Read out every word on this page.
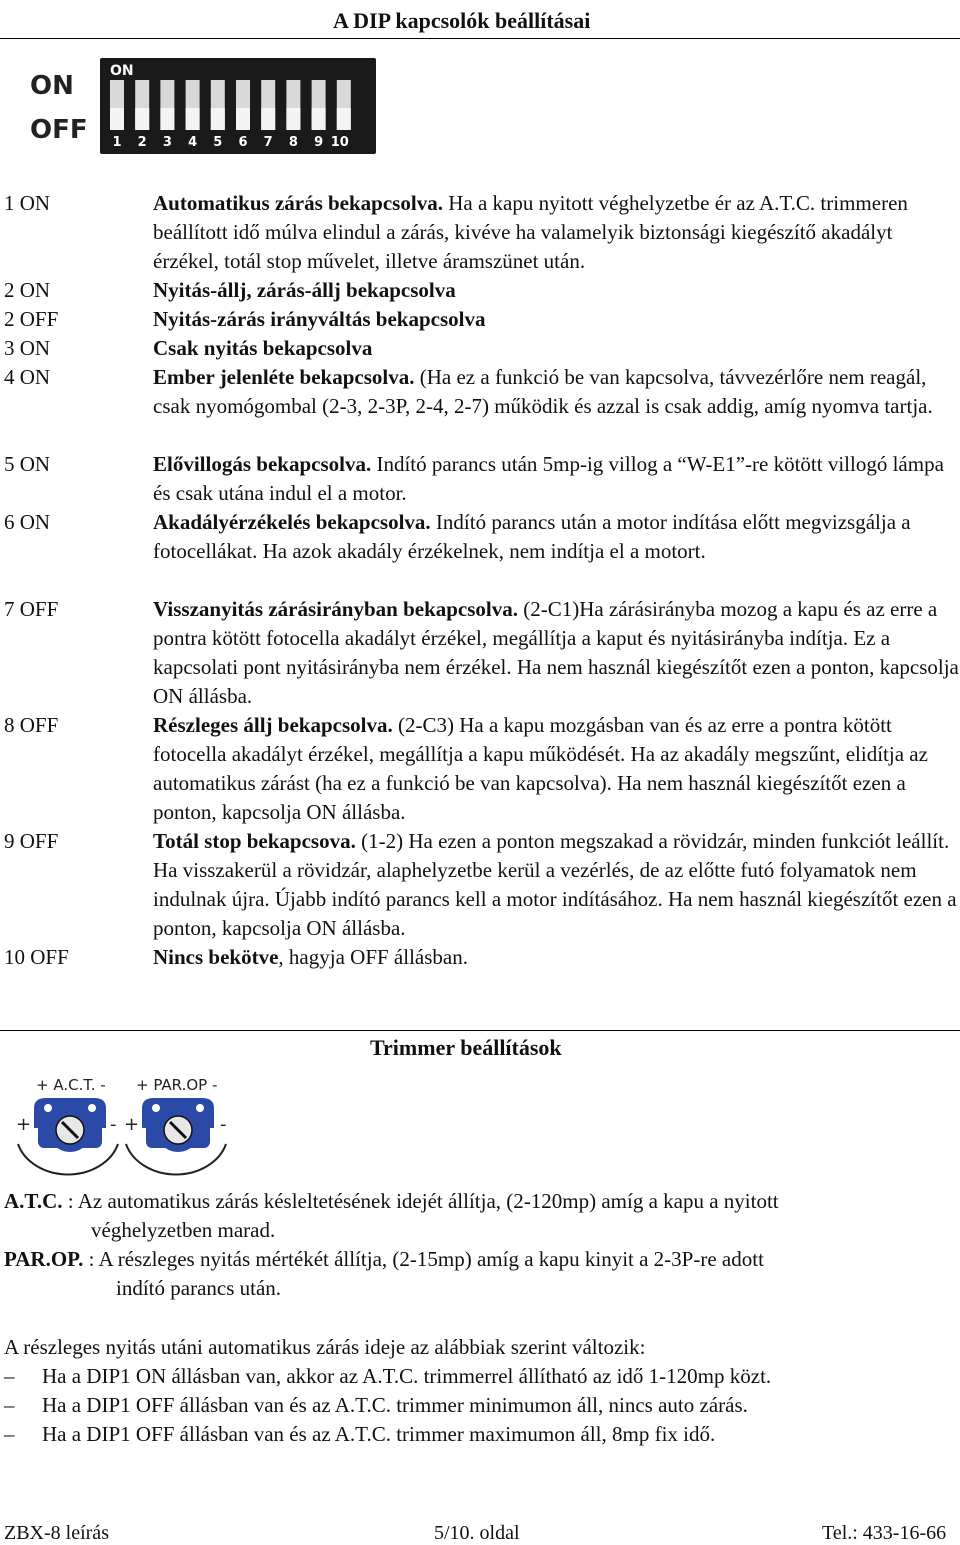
A DIP kapcsolók beállításai
ON
OFF
ON
1 2 3 4 5 6 7 8 9 10
1 ON	Automatikus zárás bekapcsolva. Ha a kapu nyitott véghelyzetbe ér az A.T.C. trimmeren beállított idő múlva elindul a zárás, kivéve ha valamelyik biztonsági kiegészítő akadályt érzékel, totál stop művelet, illetve áramszünet után.
2 ON	Nyitás-állj, zárás-állj bekapcsolva
2 OFF	Nyitás-zárás irányváltás bekapcsolva
3 ON	Csak nyitás bekapcsolva
4 ON	Ember jelenléte bekapcsolva. (Ha ez a funkció be van kapcsolva, távvezérlőre nem reagál, csak nyomógombal (2-3, 2-3P, 2-4, 2-7) működik és azzal is csak addig, amíg nyomva tartja.
5 ON	Elővillogás bekapcsolva. Indító parancs után 5mp-ig villog a “W-E1”-re kötött villogó lámpa és csak utána indul el a motor.
6 ON	Akadályérzékelés bekapcsolva. Indító parancs után a motor indítása előtt megvizsgálja a fotocellákat. Ha azok akadály érzékelnek, nem indítja el a motort.
7 OFF	Visszanyitás zárásirányban bekapcsolva. (2-C1)Ha zárásirányba mozog a kapu és az erre a pontra kötött fotocella akadályt érzékel, megállítja a kaput és nyitásirányba indítja. Ez a kapcsolati pont nyitásirányba nem érzékel. Ha nem használ kiegészítőt ezen a ponton, kapcsolja ON állásba.
8 OFF	Részleges állj bekapcsolva. (2-C3) Ha a kapu mozgásban van és az erre a pontra kötött fotocella akadályt érzékel, megállítja a kapu működését. Ha az akadály megszűnt, elidítja az automatikus zárást (ha ez a funkció be van kapcsolva). Ha nem használ kiegészítőt ezen a ponton, kapcsolja ON állásba.
9 OFF	Totál stop bekapcsova. (1-2) Ha ezen a ponton megszakad a rövidzár, minden funkciót leállít. Ha visszakerül a rövidzár, alaphelyzetbe kerül a vezérlés, de az előtte futó folyamatok nem indulnak újra. Újabb indító parancs kell a motor indításához. Ha nem használ kiegészítőt ezen a ponton, kapcsolja ON állásba.
10 OFF	Nincs bekötve, hagyja OFF állásban.
Trimmer beállítások
+ A.C.T. -
+	-
+ PAR.OP -
+	-
A.T.C. : Az automatikus zárás késleltetésének idejét állítja, (2-120mp) amíg a kapu a nyitott
véghelyzetben marad.
PAR.OP. : A részleges nyitás mértékét állítja, (2-15mp) amíg a kapu kinyit a 2-3P-re adott
indító parancs után.
A részleges nyitás utáni automatikus zárás ideje az alábbiak szerint változik:
– Ha a DIP1 ON állásban van, akkor az A.T.C. trimmerrel állítható az idő 1-120mp közt.
– Ha a DIP1 OFF állásban van és az A.T.C. trimmer minimumon áll, nincs auto zárás.
– Ha a DIP1 OFF állásban van és az A.T.C. trimmer maximumon áll, 8mp fix idő.
ZBX-8 leírás	5/10. oldal	Tel.: 433-16-66
